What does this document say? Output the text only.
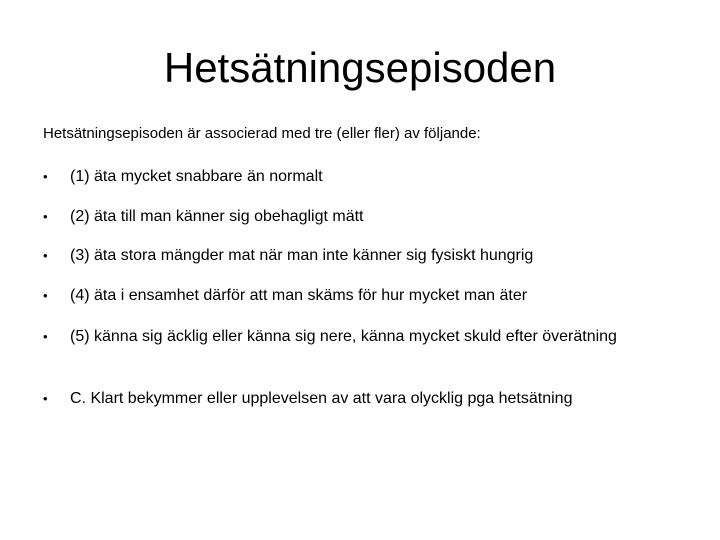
Hetsätningsepisoden

Hetsätningsepisoden är associerad med tre (eller fler) av följande:

• (1) äta mycket snabbare än normalt
• (2) äta till man känner sig obehagligt mätt
• (3) äta stora mängder mat när man inte känner sig fysiskt hungrig
• (4) äta i ensamhet därför att man skäms för hur mycket man äter
• (5) känna sig äcklig eller känna sig nere, känna mycket skuld efter överätning
• C. Klart bekymmer eller upplevelsen av att vara olycklig pga hetsätning
